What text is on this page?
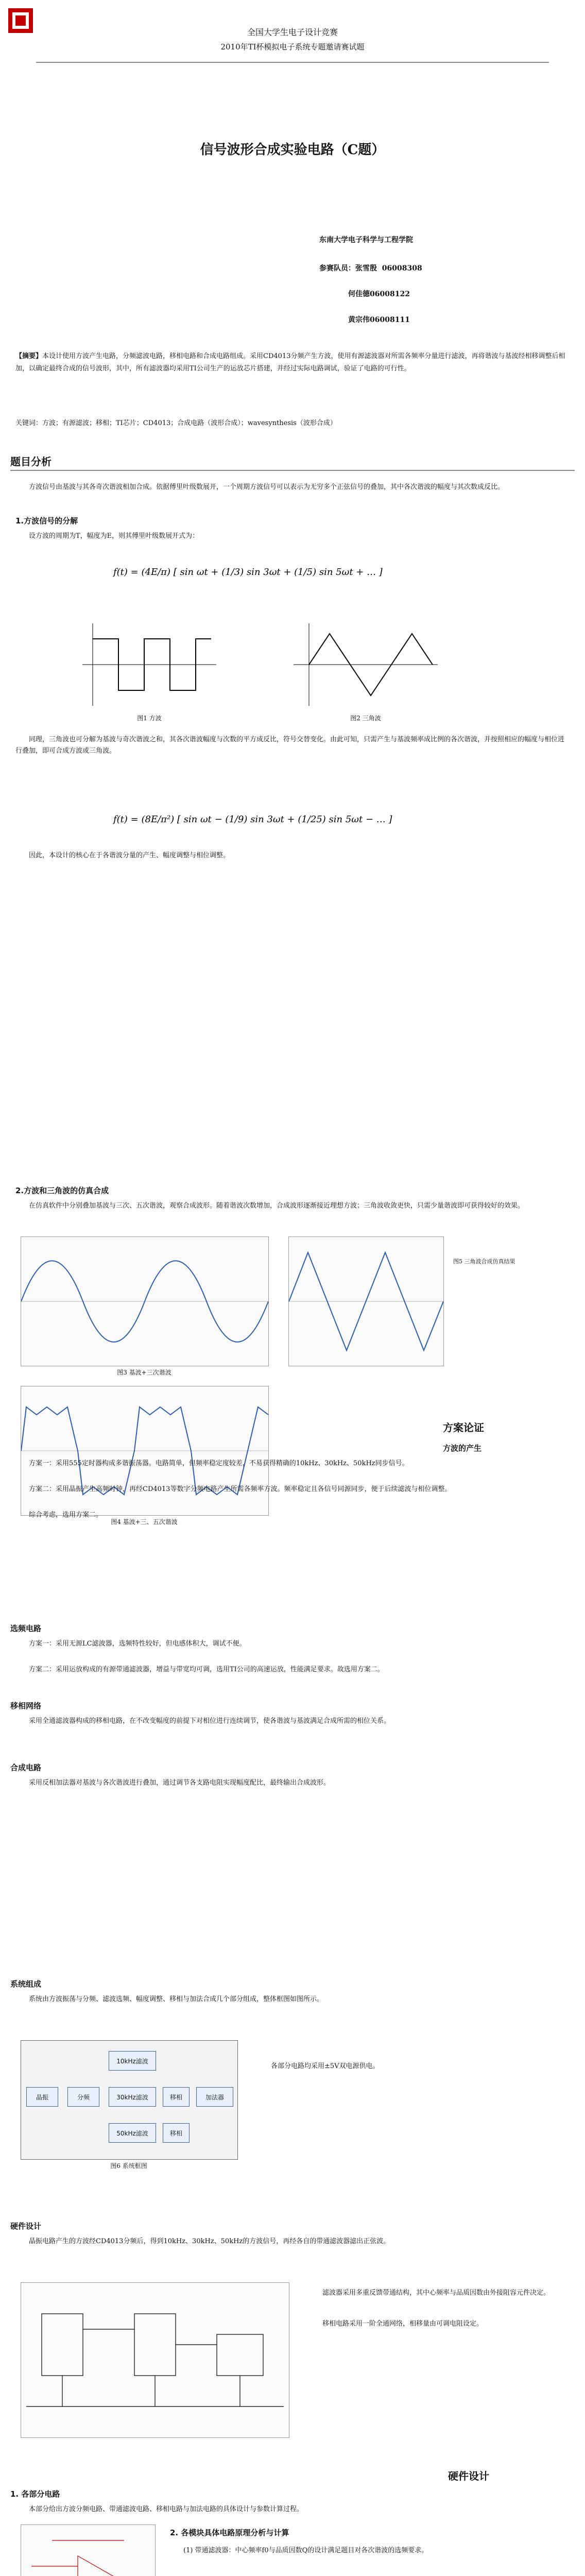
全国大学生电子设计竞赛
2010年TI杯模拟电子系统专题邀请赛试题
信号波形合成实验电路（C题）
东南大学电子科学与工程学院
参赛队员：张雪殷 06008308
何佳德06008122
黄宗伟06008111
【摘要】本设计使用方波产生电路，分频滤波电路，移相电路和合成电路组成。采用CD4013分频产生方波，使用有源滤波器对所需各频率分量进行滤波，再将谐波与基波经相移调整后相加，以确定最终合成的信号波形，其中，所有滤波器均采用TI公司生产的运放芯片搭建，并经过实际电路调试，验证了电路的可行性。
关键词：方波；有源滤波；移相；TI芯片；CD4013；合成电路（波形合成）；wavesynthesis（波形合成）
题目分析

方波信号由基波与其各奇次谐波相加合成。依据傅里叶级数展开，一个周期方波信号可以表示为无穷多个正弦信号的叠加，其中各次谐波的幅度与其次数成反比。

1.方波信号的分解

设方波的周期为T，幅度为E，则其傅里叶级数展开式为：

f(t) = (4E/π) [ sin ωt + (1/3) sin 3ωt + (1/5) sin 5ωt + … ]
图1 方波	图2 三角波

同理，三角波也可分解为基波与奇次谐波之和，其各次谐波幅度与次数的平方成反比，符号交替变化。由此可知，只需产生与基波频率成比例的各次谐波，并按照相应的幅度与相位进行叠加，即可合成方波或三角波。

f(t) = (8E/π²) [ sin ωt − (1/9) sin 3ωt + (1/25) sin 5ωt − … ]

因此，本设计的核心在于各谐波分量的产生、幅度调整与相位调整。

2.方波和三角波的仿真合成

在仿真软件中分别叠加基波与三次、五次谐波，观察合成波形。随着谐波次数增加，合成波形逐渐接近理想方波；三角波收敛更快，只需少量谐波即可获得较好的效果。

图3 基波+三次谐波
图4 基波+三、五次谐波
图5 三角波合成仿真结果
方案论证
方波的产生

方案一：采用555定时器构成多谐振荡器。电路简单，但频率稳定度较差，不易获得精确的10kHz、30kHz、50kHz同步信号。

方案二：采用晶振产生高频时钟，再经CD4013等数字分频电路产生所需各频率方波。频率稳定且各信号同源同步，便于后续滤波与相位调整。

综合考虑，选用方案二。

选频电路

方案一：采用无源LC滤波器，选频特性较好，但电感体积大，调试不便。

方案二：采用运放构成的有源带通滤波器，增益与带宽均可调，选用TI公司的高速运放，性能满足要求。故选用方案二。

移相网络

采用全通滤波器构成的移相电路，在不改变幅度的前提下对相位进行连续调节，使各谐波与基波满足合成所需的相位关系。

合成电路

采用反相加法器对基波与各次谐波进行叠加，通过调节各支路电阻实现幅度配比，最终输出合成波形。

系统组成

系统由方波振荡与分频、滤波选频、幅度调整、移相与加法合成几个部分组成，整体框图如图所示。

晶振	分频
10kHz滤波
30kHz滤波
50kHz滤波
移相
移相
加法器
图6 系统框图

各部分电路均采用±5V双电源供电。

硬件设计

晶振电路产生的方波经CD4013分频后，得到10kHz、30kHz、50kHz的方波信号，再经各自的带通滤波器滤出正弦波。

滤波器采用多重反馈带通结构，其中心频率与品质因数由外接阻容元件决定。

移相电路采用一阶全通网络，相移量由可调电阻设定。

硬件设计
1. 各部分电路

本部分给出方波分频电路、带通滤波电路、移相电路与加法电路的具体设计与参数计算过程。

2. 各模块具体电路原理分析与计算

(1) 带通滤波器：中心频率f0与品质因数Q的设计满足题目对各次谐波的选频要求。
